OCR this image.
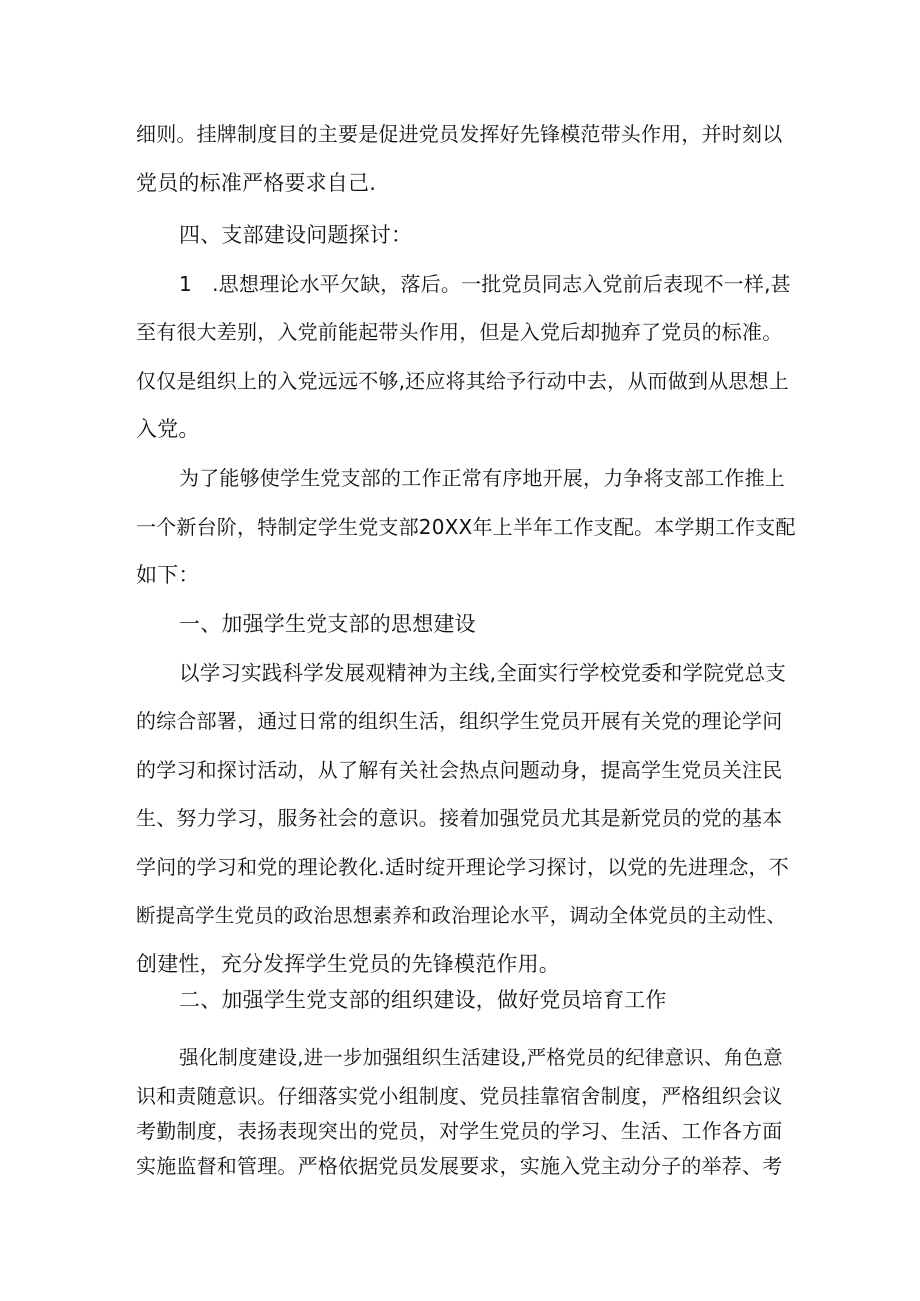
细则。挂牌制度目的主要是促进党员发挥好先锋模范带头作用，并时刻以
党员的标准严格要求自己.
四、支部建设问题探讨：
1　.思想理论水平欠缺，落后。一批党员同志入党前后表现不一样,甚
至有很大差别，入党前能起带头作用，但是入党后却抛弃了党员的标准。
仅仅是组织上的入党远远不够,还应将其给予行动中去，从而做到从思想上
入党。
为了能够使学生党支部的工作正常有序地开展，力争将支部工作推上
一个新台阶，特制定学生党支部20XX年上半年工作支配。本学期工作支配
如下：
一、加强学生党支部的思想建设
以学习实践科学发展观精神为主线,全面实行学校党委和学院党总支
的综合部署，通过日常的组织生活，组织学生党员开展有关党的理论学问
的学习和探讨活动，从了解有关社会热点问题动身，提高学生党员关注民
生、努力学习，服务社会的意识。接着加强党员尤其是新党员的党的基本
学问的学习和党的理论教化.适时绽开理论学习探讨，以党的先进理念，不
断提高学生党员的政治思想素养和政治理论水平，调动全体党员的主动性、
创建性，充分发挥学生党员的先锋模范作用。
二、加强学生党支部的组织建设，做好党员培育工作
强化制度建设,进一步加强组织生活建设,严格党员的纪律意识、角色意
识和责随意识。仔细落实党小组制度、党员挂靠宿舍制度，严格组织会议
考勤制度，表扬表现突出的党员，对学生党员的学习、生活、工作各方面
实施监督和管理。严格依据党员发展要求，实施入党主动分子的举荐、考
